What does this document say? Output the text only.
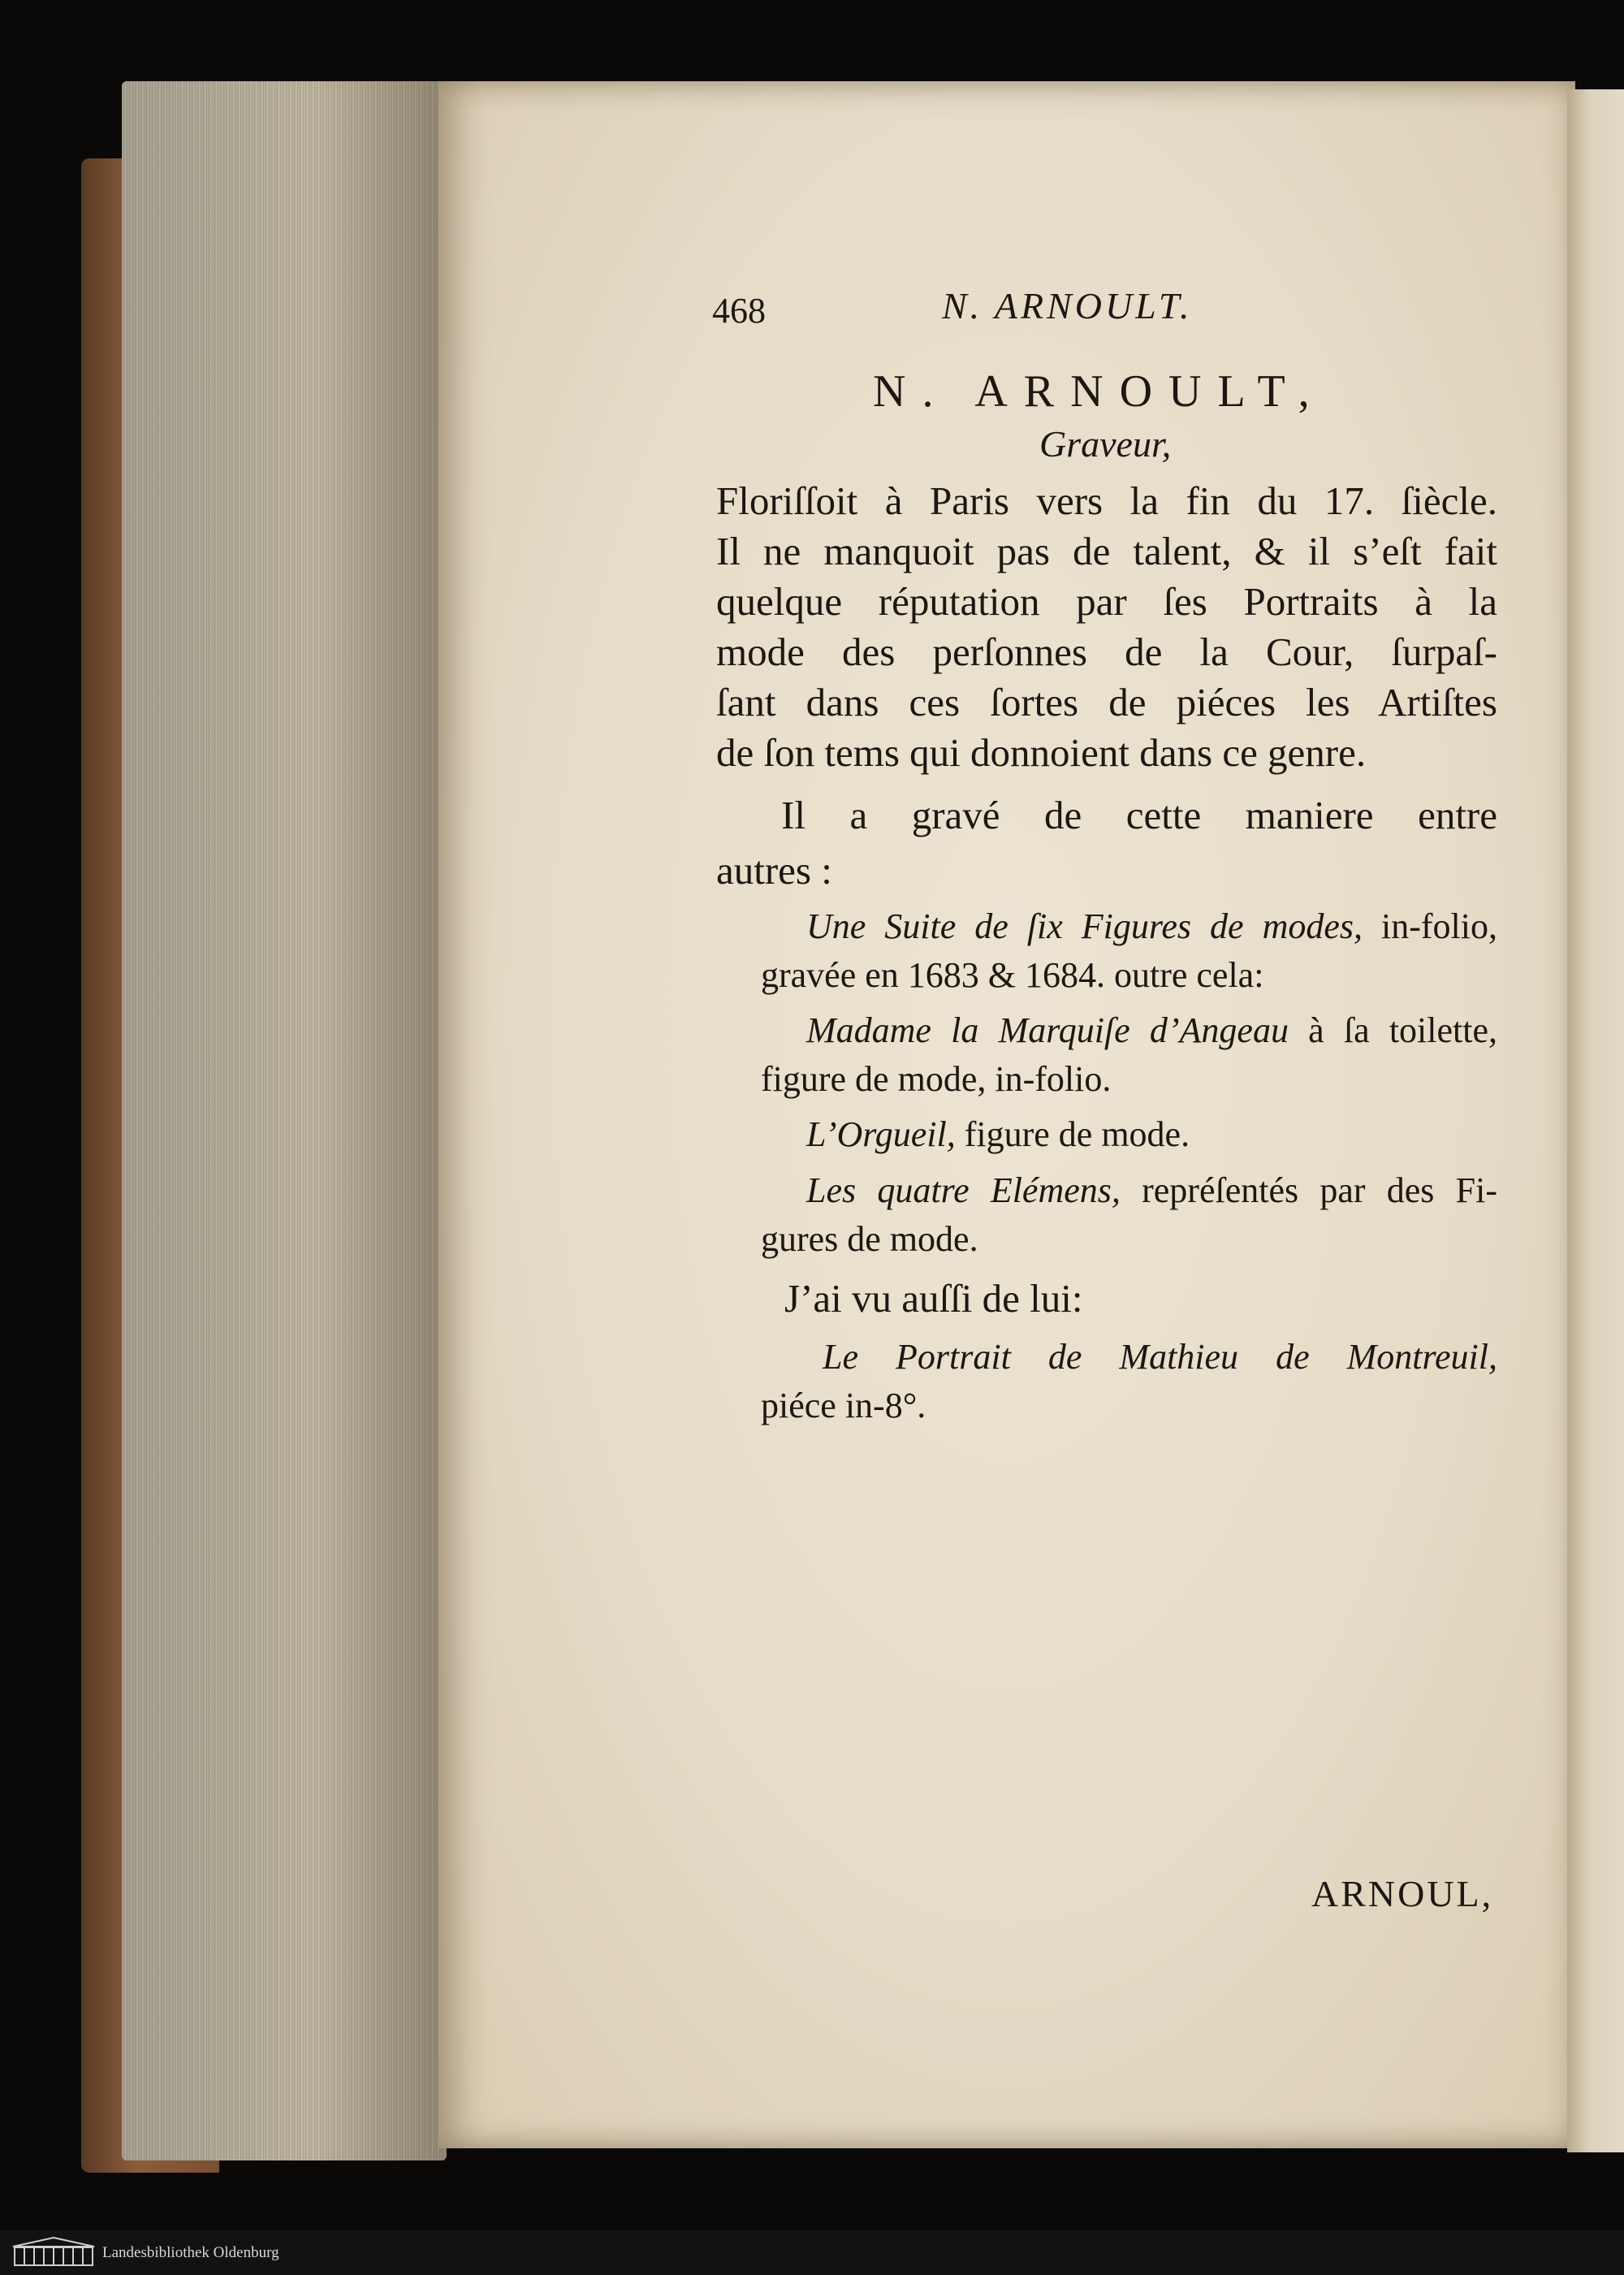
468	N. ARNOULT.
N. ARNOULT,
Graveur,
Floriſſoit à Paris vers la fin du 17. ſiècle.
Il ne manquoit pas de talent, & il s’eſt fait
quelque réputation par ſes Portraits à la
mode des perſonnes de la Cour, ſurpaſ-
ſant dans ces ſortes de piéces les Artiſtes
de ſon tems qui donnoient dans ce genre.
Il a gravé de cette maniere entre
autres :
Une Suite de ſix Figures de modes, in-folio,
gravée en 1683 & 1684. outre cela:
Madame la Marquiſe d’Angeau à ſa toilette,
figure de mode, in-folio.
L’Orgueil, figure de mode.
Les quatre Elémens, repréſentés par des Fi-
gures de mode.
J’ai vu auſſi de lui:
Le Portrait de Mathieu de Montreuil,
piéce in-8°.
ARNOUL,
Landesbibliothek Oldenburg
